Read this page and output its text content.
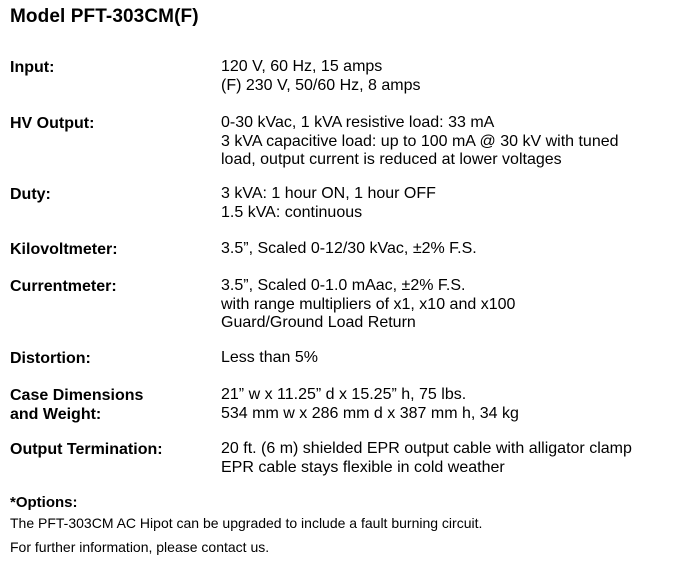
Model PFT-303CM(F)
Input:	120 V, 60 Hz, 15 amps
(F) 230 V, 50/60 Hz, 8 amps
HV Output:	0-30 kVac, 1 kVA resistive load: 33 mA
3 kVA capacitive load: up to 100 mA @ 30 kV with tuned
load, output current is reduced at lower voltages
Duty:	3 kVA: 1 hour ON, 1 hour OFF
1.5 kVA: continuous
Kilovoltmeter:	3.5”, Scaled 0-12/30 kVac, ±2% F.S.
Currentmeter:	3.5”, Scaled 0-1.0 mAac, ±2% F.S.
with range multipliers of x1, x10 and x100
Guard/Ground Load Return
Distortion:	Less than 5%
Case Dimensions
and Weight:
21” w x 11.25” d x 15.25” h, 75 lbs.
534 mm w x 286 mm d x 387 mm h, 34 kg
Output Termination:	20 ft. (6 m) shielded EPR output cable with alligator clamp
EPR cable stays flexible in cold weather
*Options:
The PFT-303CM AC Hipot can be upgraded to include a fault burning circuit.
For further information, please contact us.
